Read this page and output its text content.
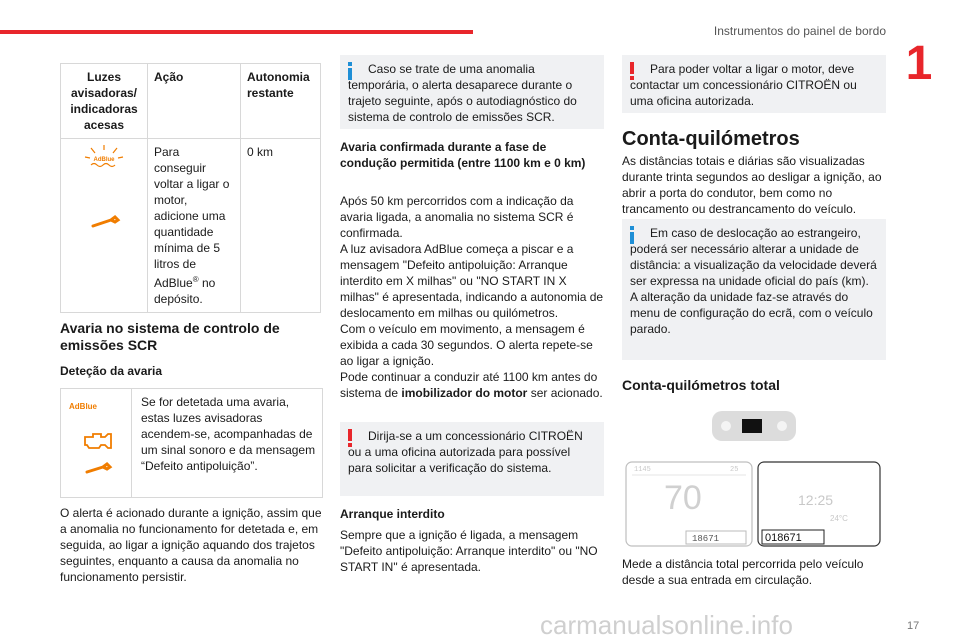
Instrumentos do painel de bordo
1
Luzes avisadoras/ indicadoras acesas	Ação	Autonomia restante

AdBlue	Para conseguir voltar a ligar o motor, adicione uma quantidade mínima de 5 litros de AdBlue® no depósito.	0 km
Avaria no sistema de controlo de emissões SCR
Deteção da avaria
AdBlue	Se for detetada uma avaria, estas luzes avisadoras acendem-se, acompanhadas de um sinal sonoro e da mensagem “Defeito antipoluição”.

O alerta é acionado durante a ignição, assim que a anomalia no funcionamento for detetada e, em seguida, ao ligar a ignição aquando dos trajetos seguintes, enquanto a causa da anomalia no funcionamento persistir.

Caso se trate de uma anomalia temporária, o alerta desaparece durante o trajeto seguinte, após o autodiagnóstico do sistema de controlo de emissões SCR.

Avaria confirmada durante a fase de condução permitida (entre 1100 km e 0 km)

Após 50 km percorridos com a indicação da avaria ligada, a anomalia no sistema SCR é confirmada.

A luz avisadora AdBlue começa a piscar e a mensagem "Defeito antipoluição: Arranque interdito em X milhas" ou "NO START IN X milhas" é apresentada, indicando a autonomia de deslocamento em milhas ou quilómetros.

Com o veículo em movimento, a mensagem é exibida a cada 30 segundos. O alerta repete-se ao ligar a ignição.

Pode continuar a conduzir até 1100 km antes do sistema de imobilizador do motor ser acionado.

Dirija-se a um concessionário CITROËN ou a uma oficina autorizada para possível para solicitar a verificação do sistema.

Arranque interdito

Sempre que a ignição é ligada, a mensagem "Defeito antipoluição: Arranque interdito" ou "NO START IN" é apresentada.

Para poder voltar a ligar o motor, deve contactar um concessionário CITROËN ou uma oficina autorizada.

Conta-quilómetros

As distâncias totais e diárias são visualizadas durante trinta segundos ao desligar a ignição, ao abrir a porta do condutor, bem como no trancamento ou destrancamento do veículo.

Em caso de deslocação ao estrangeiro, poderá ser necessário alterar a unidade de distância: a visualização da velocidade deverá ser expressa na unidade oficial do país (km).

A alteração da unidade faz-se através do menu de configuração do ecrã, com o veículo parado.

Conta-quilómetros total
1145	25
70
18671
12:25
24°C
018671

Mede a distância total percorrida pelo veículo desde a sua entrada em circulação.

carmanualsonline.info	17
